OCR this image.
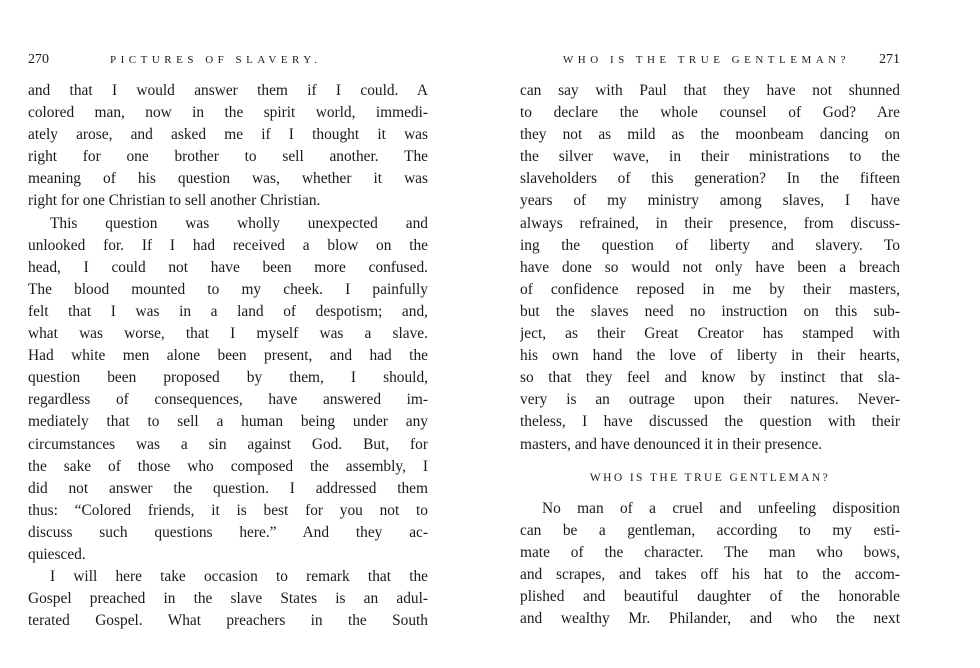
270	PICTURES OF SLAVERY.
and that I would answer them if I could. A
colored man, now in the spirit world, immedi-
ately arose, and asked me if I thought it was
right for one brother to sell another. The
meaning of his question was, whether it was
right for one Christian to sell another Christian.
This question was wholly unexpected and
unlooked for. If I had received a blow on the
head, I could not have been more confused.
The blood mounted to my cheek. I painfully
felt that I was in a land of despotism; and,
what was worse, that I myself was a slave.
Had white men alone been present, and had the
question been proposed by them, I should,
regardless of consequences, have answered im-
mediately that to sell a human being under any
circumstances was a sin against God. But, for
the sake of those who composed the assembly, I
did not answer the question. I addressed them
thus: “Colored friends, it is best for you not to
discuss such questions here.” And they ac-
quiesced.
I will here take occasion to remark that the
Gospel preached in the slave States is an adul-
terated Gospel. What preachers in the South
WHO IS THE TRUE GENTLEMAN? 271
can say with Paul that they have not shunned
to declare the whole counsel of God? Are
they not as mild as the moonbeam dancing on
the silver wave, in their ministrations to the
slaveholders of this generation? In the fifteen
years of my ministry among slaves, I have
always refrained, in their presence, from discuss-
ing the question of liberty and slavery. To
have done so would not only have been a breach
of confidence reposed in me by their masters,
but the slaves need no instruction on this sub-
ject, as their Great Creator has stamped with
his own hand the love of liberty in their hearts,
so that they feel and know by instinct that sla-
very is an outrage upon their natures. Never-
theless, I have discussed the question with their
masters, and have denounced it in their presence.
WHO IS THE TRUE GENTLEMAN?
No man of a cruel and unfeeling disposition
can be a gentleman, according to my esti-
mate of the character. The man who bows,
and scrapes, and takes off his hat to the accom-
plished and beautiful daughter of the honorable
and wealthy Mr. Philander, and who the next
